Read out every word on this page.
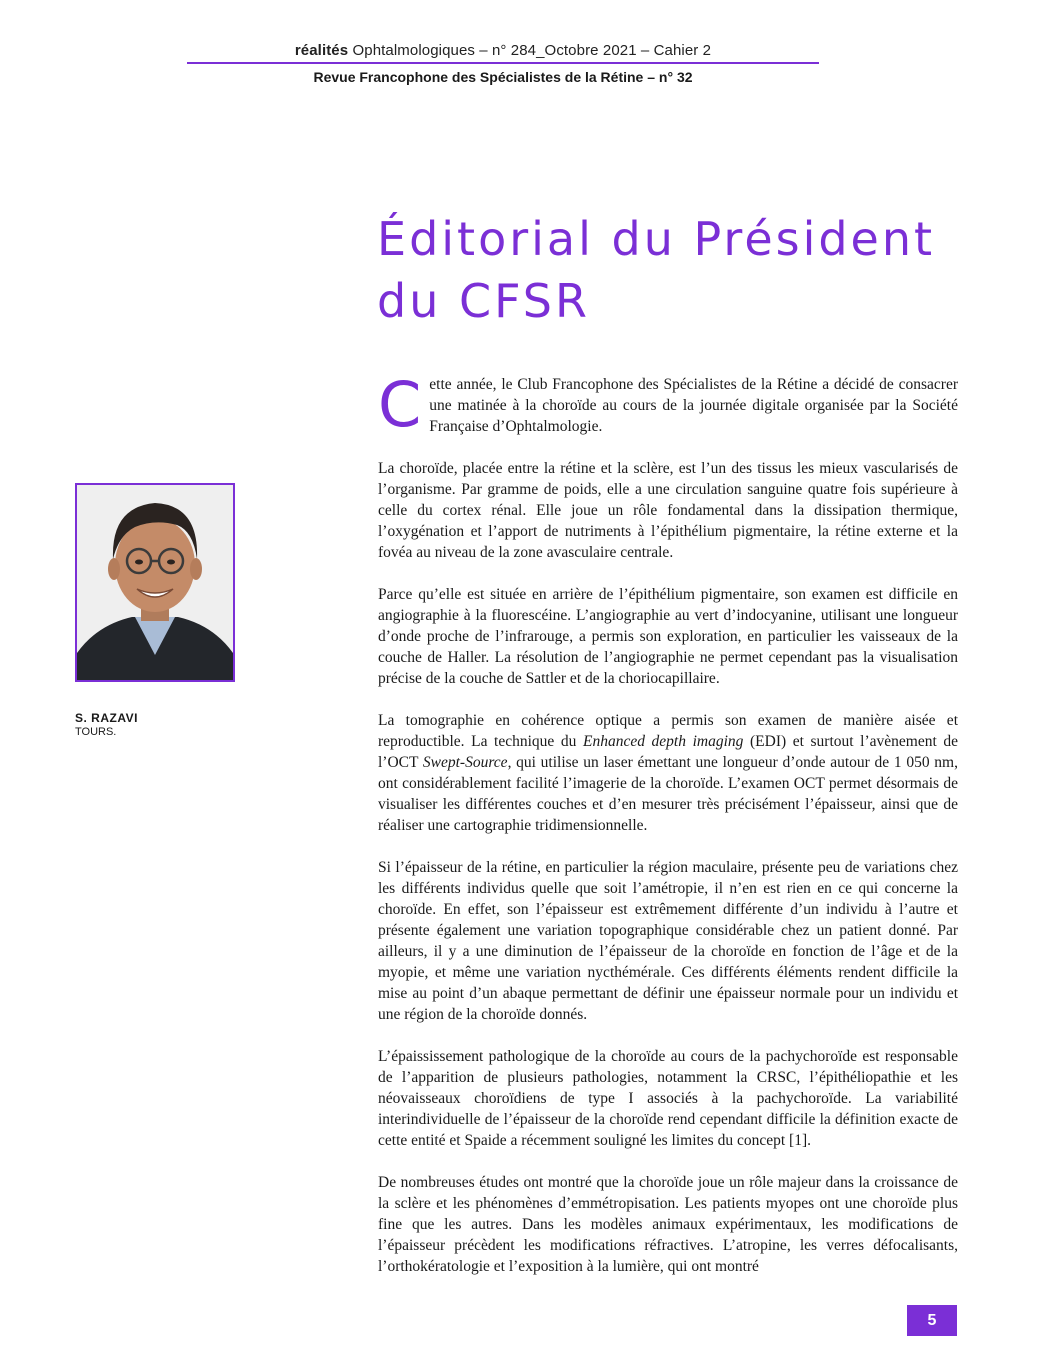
réalités Ophtalmologiques – n° 284_Octobre 2021 – Cahier 2
Revue Francophone des Spécialistes de la Rétine – n° 32
Éditorial du Président
du CFSR
S. RAZAVI
TOURS.

Cette année, le Club Francophone des Spécialistes de la Rétine a décidé de consacrer une matinée à la choroïde au cours de la journée digitale organisée par la Société Française d’Ophtalmologie.

La choroïde, placée entre la rétine et la sclère, est l’un des tissus les mieux vascularisés de l’organisme. Par gramme de poids, elle a une circulation sanguine quatre fois supérieure à celle du cortex rénal. Elle joue un rôle fondamental dans la dissipation thermique, l’oxygénation et l’apport de nutriments à l’épithélium pigmentaire, la rétine externe et la fovéa au niveau de la zone avasculaire centrale.

Parce qu’elle est située en arrière de l’épithélium pigmentaire, son examen est difficile en angiographie à la fluorescéine. L’angiographie au vert d’indocyanine, utilisant une longueur d’onde proche de l’infrarouge, a permis son exploration, en particulier les vaisseaux de la couche de Haller. La résolution de l’angiographie ne permet cependant pas la visualisation précise de la couche de Sattler et de la choriocapillaire.

La tomographie en cohérence optique a permis son examen de manière aisée et reproductible. La technique du Enhanced depth imaging (EDI) et surtout l’avènement de l’OCT Swept-Source, qui utilise un laser émettant une longueur d’onde autour de 1 050 nm, ont considérablement facilité l’imagerie de la choroïde. L’examen OCT permet désormais de visualiser les différentes couches et d’en mesurer très précisément l’épaisseur, ainsi que de réaliser une cartographie tridimensionnelle.

Si l’épaisseur de la rétine, en particulier la région maculaire, présente peu de variations chez les différents individus quelle que soit l’amétropie, il n’en est rien en ce qui concerne la choroïde. En effet, son l’épaisseur est extrêmement différente d’un individu à l’autre et présente également une variation topographique considérable chez un patient donné. Par ailleurs, il y a une diminution de l’épaisseur de la choroïde en fonction de l’âge et de la myopie, et même une variation nycthémérale. Ces différents éléments rendent difficile la mise au point d’un abaque permettant de définir une épaisseur normale pour un individu et une région de la choroïde donnés.

L’épaississement pathologique de la choroïde au cours de la pachychoroïde est responsable de l’apparition de plusieurs pathologies, notamment la CRSC, l’épithéliopathie et les néovaisseaux choroïdiens de type I associés à la pachychoroïde. La variabilité interindividuelle de l’épaisseur de la choroïde rend cependant difficile la définition exacte de cette entité et Spaide a récemment souligné les limites du concept [1].

De nombreuses études ont montré que la choroïde joue un rôle majeur dans la croissance de la sclère et les phénomènes d’emmétropisation. Les patients myopes ont une choroïde plus fine que les autres. Dans les modèles animaux expérimentaux, les modifications de l’épaisseur précèdent les modifications réfractives. L’atropine, les verres défocalisants, l’orthokératologie et l’exposition à la lumière, qui ont montré

5
